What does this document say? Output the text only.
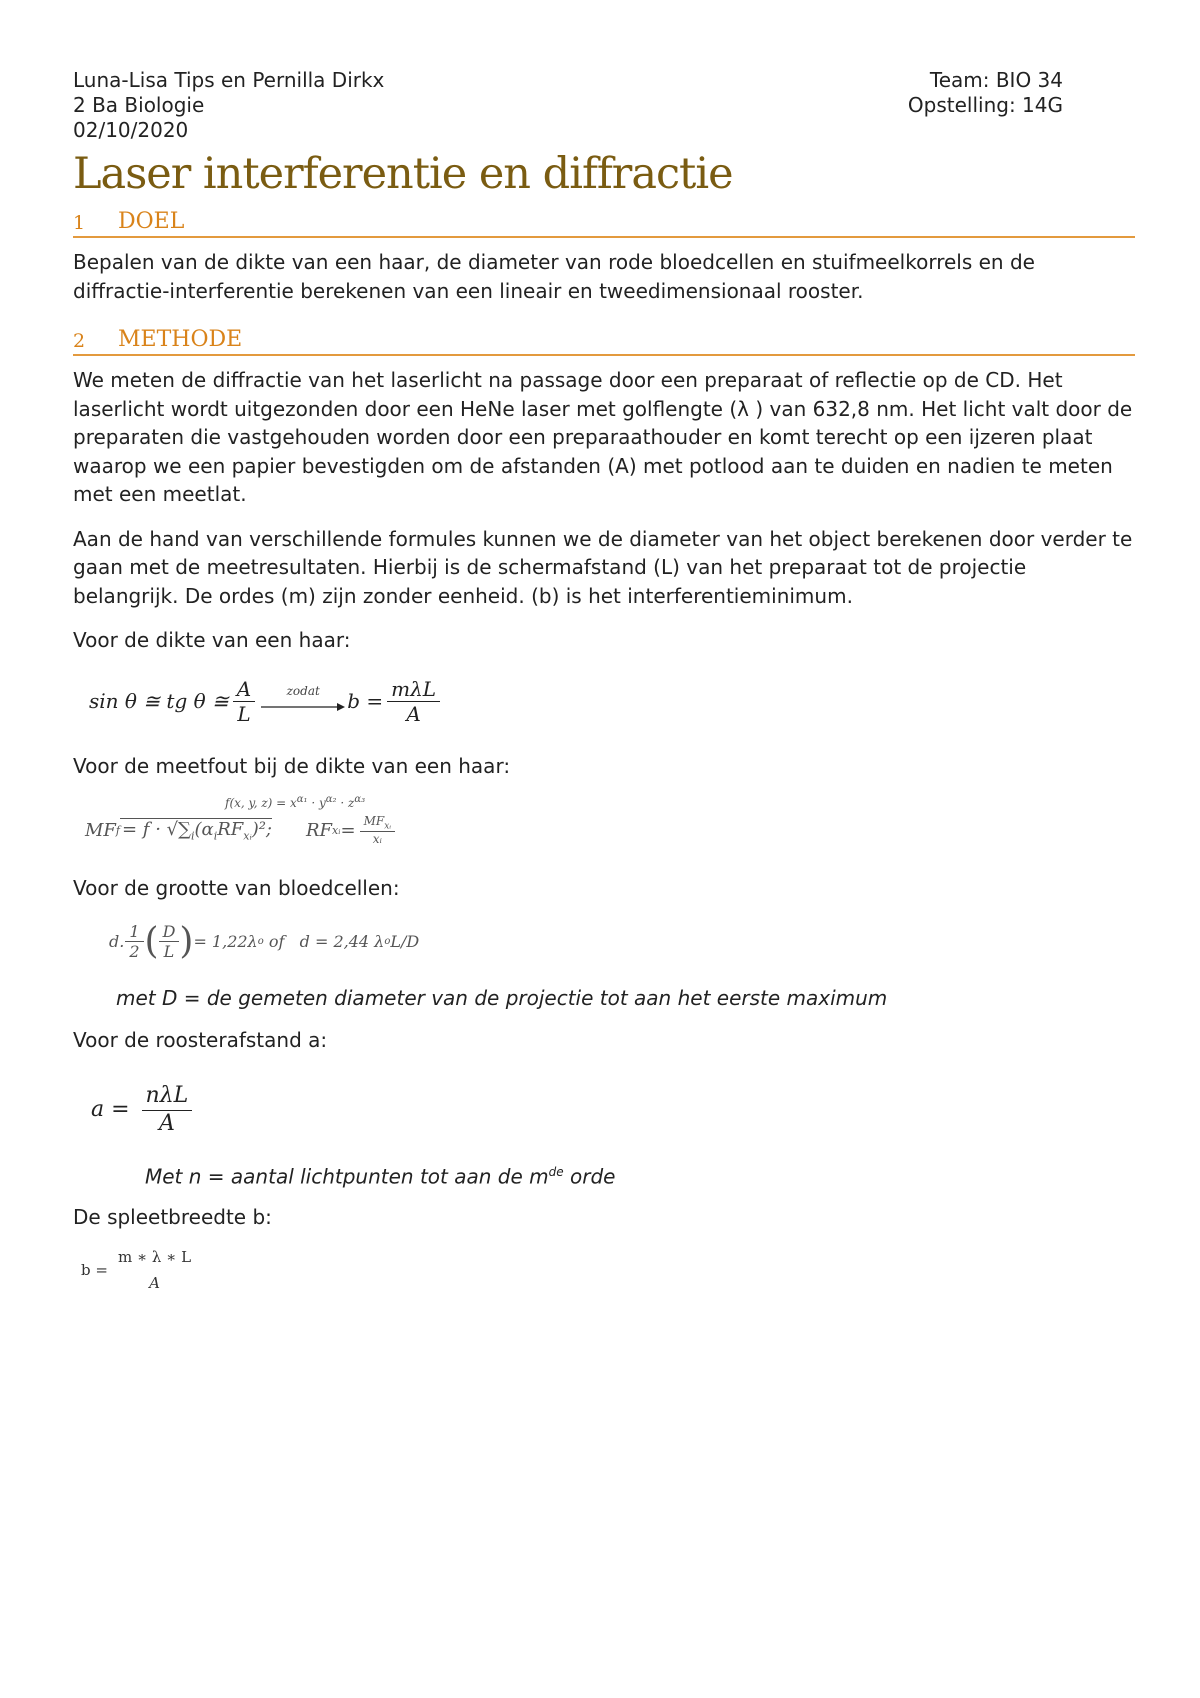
Luna-Lisa Tips en Pernilla Dirkx	Team: BIO 34
2 Ba Biologie	Opstelling: 14G
02/10/2020
Laser interferentie en diffractie
1	DOEL

Bepalen van de dikte van een haar, de diameter van rode bloedcellen en stuifmeelkorrels en de diffractie-interferentie berekenen van een lineair en tweedimensionaal rooster.

2	METHODE

We meten de diffractie van het laserlicht na passage door een preparaat of reflectie op de CD. Het laserlicht wordt uitgezonden door een HeNe laser met golflengte (λ ) van 632,8 nm. Het licht valt door de preparaten die vastgehouden worden door een preparaathouder en komt terecht op een ijzeren plaat waarop we een papier bevestigden om de afstanden (A) met potlood aan te duiden en nadien te meten met een meetlat.

Aan de hand van verschillende formules kunnen we de diameter van het object berekenen door verder te gaan met de meetresultaten. Hierbij is de schermafstand (L) van het preparaat tot de projectie belangrijk. De ordes (m) zijn zonder eenheid. (b) is het interferentieminimum.

Voor de dikte van een haar:

sin θ ≅ tg θ ≅ $\frac{A}{L}$	zodat $b = \frac{\text{mλL}}{A}$

Voor de meetfout bij de dikte van een haar:

f(x, y, $z) = x^{\alpha_1} \cdot y^{\alpha_2} \cdot z^{\alpha_3}$
MF $f = f \cdot √\sum_i(\alpha_iRF_{xᵢ})^2$; RF xᵢ = $\frac{MF_{xᵢ}}{\text{xᵢ}}$

Voor de grootte van bloedcellen:

d. $\frac{1}{2}$ ( $\frac{D}{L}$ ) = 1,22λ o of   d = 2,44 λ o L/D

met D = de gemeten diameter van de projectie tot aan het eerste maximum

Voor de roosterafstand a:

$a = \frac{\text{nλL}}{A}$

Met n = aantal lichtpunten tot aan de $m^{de}$ orde

De spleetbreedte b:

b =
m ∗ λ ∗ L
A
